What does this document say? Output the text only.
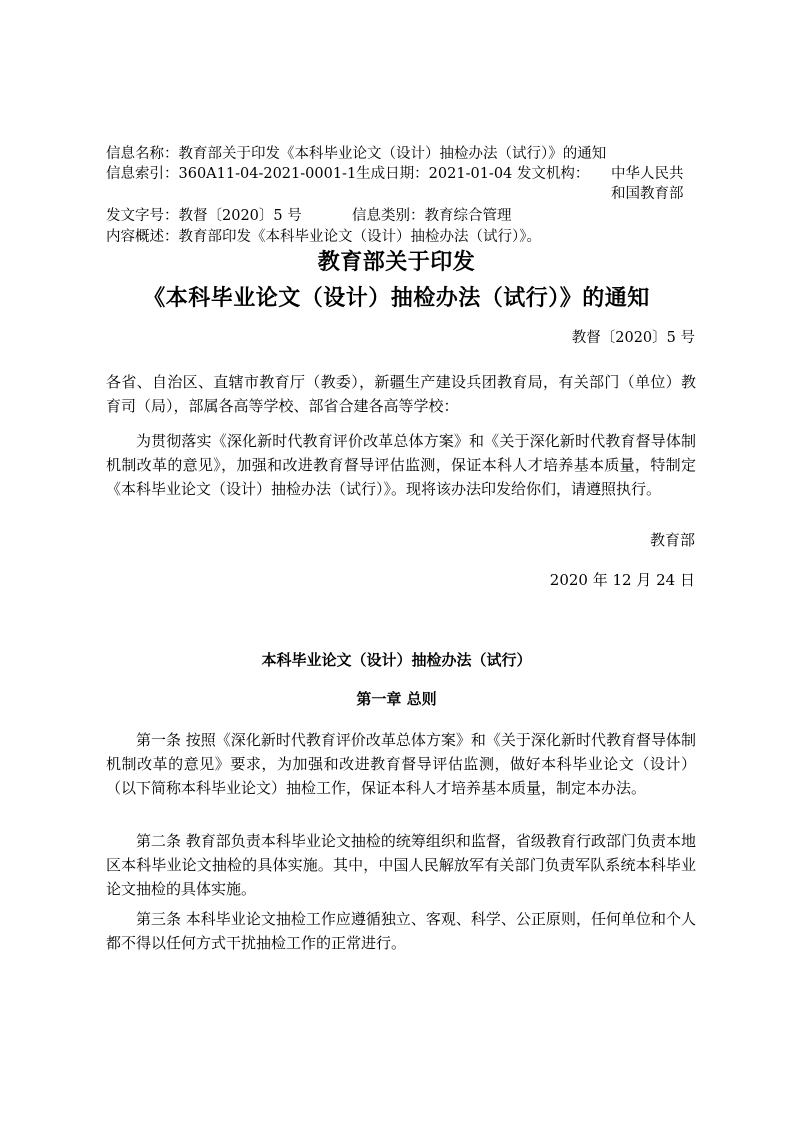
信息名称：教育部关于印发《本科毕业论文（设计）抽检办法（试行）》的通知
信息索引：360A11-04-2021-0001-1生成日期：2021-01-04 发文机构： 中华人民共和国教育部
发文字号：教督〔2020〕5 号	信息类别：教育综合管理
内容概述：教育部印发《本科毕业论文（设计）抽检办法（试行）》。
教育部关于印发
《本科毕业论文（设计）抽检办法（试行）》的通知
教督〔2020〕5 号
各省、自治区、直辖市教育厅（教委），新疆生产建设兵团教育局，有关部门（单位）教育司（局），部属各高等学校、部省合建各高等学校：
为贯彻落实《深化新时代教育评价改革总体方案》和《关于深化新时代教育督导体制机制改革的意见》，加强和改进教育督导评估监测，保证本科人才培养基本质量，特制定《本科毕业论文（设计）抽检办法（试行）》。现将该办法印发给你们，请遵照执行。
教育部
2020 年 12 月 24 日
本科毕业论文（设计）抽检办法（试行）
第一章 总则
第一条 按照《深化新时代教育评价改革总体方案》和《关于深化新时代教育督导体制机制改革的意见》要求，为加强和改进教育督导评估监测，做好本科毕业论文（设计）（以下简称本科毕业论文）抽检工作，保证本科人才培养基本质量，制定本办法。
第二条 教育部负责本科毕业论文抽检的统筹组织和监督，省级教育行政部门负责本地区本科毕业论文抽检的具体实施。其中，中国人民解放军有关部门负责军队系统本科毕业论文抽检的具体实施。
第三条 本科毕业论文抽检工作应遵循独立、客观、科学、公正原则，任何单位和个人都不得以任何方式干扰抽检工作的正常进行。
